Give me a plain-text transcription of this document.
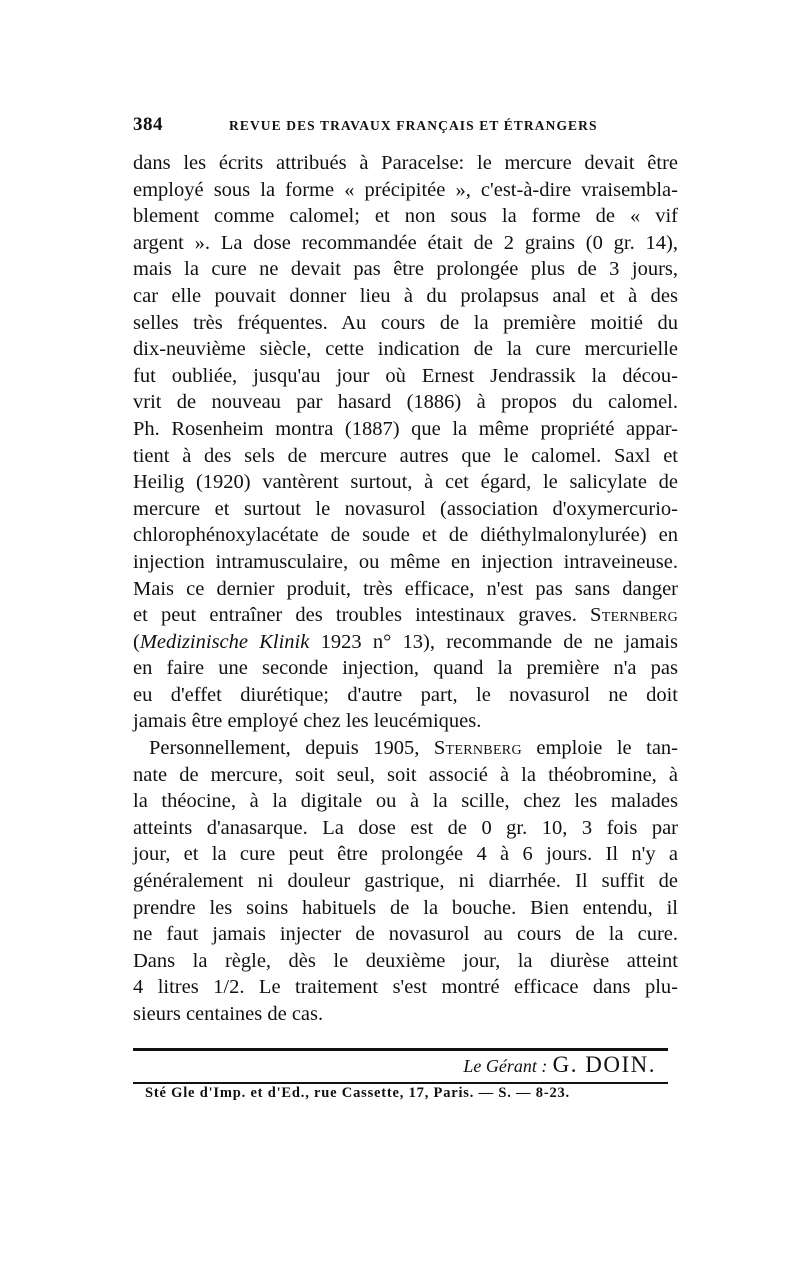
384	REVUE DES TRAVAUX FRANÇAIS ET ÉTRANGERS
dans les écrits attribués à Paracelse: le mercure devait être
employé sous la forme « précipitée », c'est-à-dire vraisembla-
blement comme calomel; et non sous la forme de « vif
argent ». La dose recommandée était de 2 grains (0 gr. 14),
mais la cure ne devait pas être prolongée plus de 3 jours,
car elle pouvait donner lieu à du prolapsus anal et à des
selles très fréquentes. Au cours de la première moitié du
dix-neuvième siècle, cette indication de la cure mercurielle
fut oubliée, jusqu'au jour où Ernest Jendrassik la décou-
vrit de nouveau par hasard (1886) à propos du calomel.
Ph. Rosenheim montra (1887) que la même propriété appar-
tient à des sels de mercure autres que le calomel. Saxl et
Heilig (1920) vantèrent surtout, à cet égard, le salicylate de
mercure et surtout le novasurol (association d'oxymercurio-
chlorophénoxylacétate de soude et de diéthylmalonylurée) en
injection intramusculaire, ou même en injection intraveineuse.
Mais ce dernier produit, très efficace, n'est pas sans danger
et peut entraîner des troubles intestinaux graves. Sternberg
(Medizinische Klinik 1923 n° 13), recommande de ne jamais
en faire une seconde injection, quand la première n'a pas
eu d'effet diurétique; d'autre part, le novasurol ne doit
jamais être employé chez les leucémiques.
Personnellement, depuis 1905, Sternberg emploie le tan-
nate de mercure, soit seul, soit associé à la théobromine, à
la théocine, à la digitale ou à la scille, chez les malades
atteints d'anasarque. La dose est de 0 gr. 10, 3 fois par
jour, et la cure peut être prolongée 4 à 6 jours. Il n'y a
généralement ni douleur gastrique, ni diarrhée. Il suffit de
prendre les soins habituels de la bouche. Bien entendu, il
ne faut jamais injecter de novasurol au cours de la cure.
Dans la règle, dès le deuxième jour, la diurèse atteint
4 litres 1/2. Le traitement s'est montré efficace dans plu-
sieurs centaines de cas.
Le Gérant : G. DOIN.
Sté Gle d'Imp. et d'Ed., rue Cassette, 17, Paris. — S. — 8-23.
